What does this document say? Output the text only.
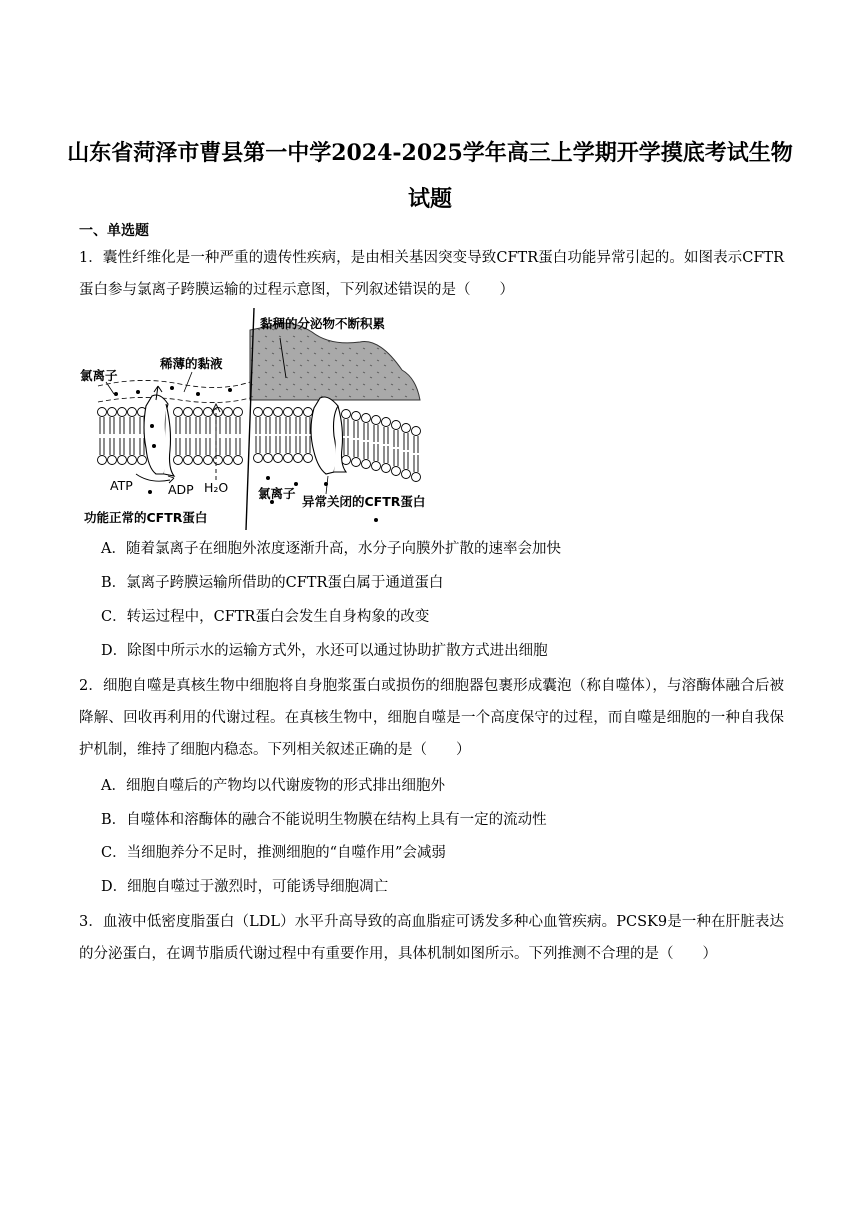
山东省菏泽市曹县第一中学2024-2025学年高三上学期开学摸底考试生物
试题
一、单选题
1．囊性纤维化是一种严重的遗传性疾病，是由相关基因突变导致CFTR蛋白功能异常引起的。如图表示CFTR蛋白参与氯离子跨膜运输的过程示意图，下列叙述错误的是（　　）
黏稠的分泌物不断积累
稀薄的黏液
氯离子
ATP	ADP H₂O 氯离子
异常关闭的CFTR蛋白
功能正常的CFTR蛋白
A．随着氯离子在细胞外浓度逐渐升高，水分子向膜外扩散的速率会加快
B．氯离子跨膜运输所借助的CFTR蛋白属于通道蛋白
C．转运过程中，CFTR蛋白会发生自身构象的改变
D．除图中所示水的运输方式外，水还可以通过协助扩散方式进出细胞
2．细胞自噬是真核生物中细胞将自身胞浆蛋白或损伤的细胞器包裹形成囊泡（称自噬体），与溶酶体融合后被降解、回收再利用的代谢过程。在真核生物中，细胞自噬是一个高度保守的过程，而自噬是细胞的一种自我保护机制，维持了细胞内稳态。下列相关叙述正确的是（　　）
A．细胞自噬后的产物均以代谢废物的形式排出细胞外
B．自噬体和溶酶体的融合不能说明生物膜在结构上具有一定的流动性
C．当细胞养分不足时，推测细胞的“自噬作用”会减弱
D．细胞自噬过于激烈时，可能诱导细胞凋亡
3．血液中低密度脂蛋白（LDL）水平升高导致的高血脂症可诱发多种心血管疾病。PCSK9是一种在肝脏表达的分泌蛋白，在调节脂质代谢过程中有重要作用，具体机制如图所示。下列推测不合理的是（　　）
